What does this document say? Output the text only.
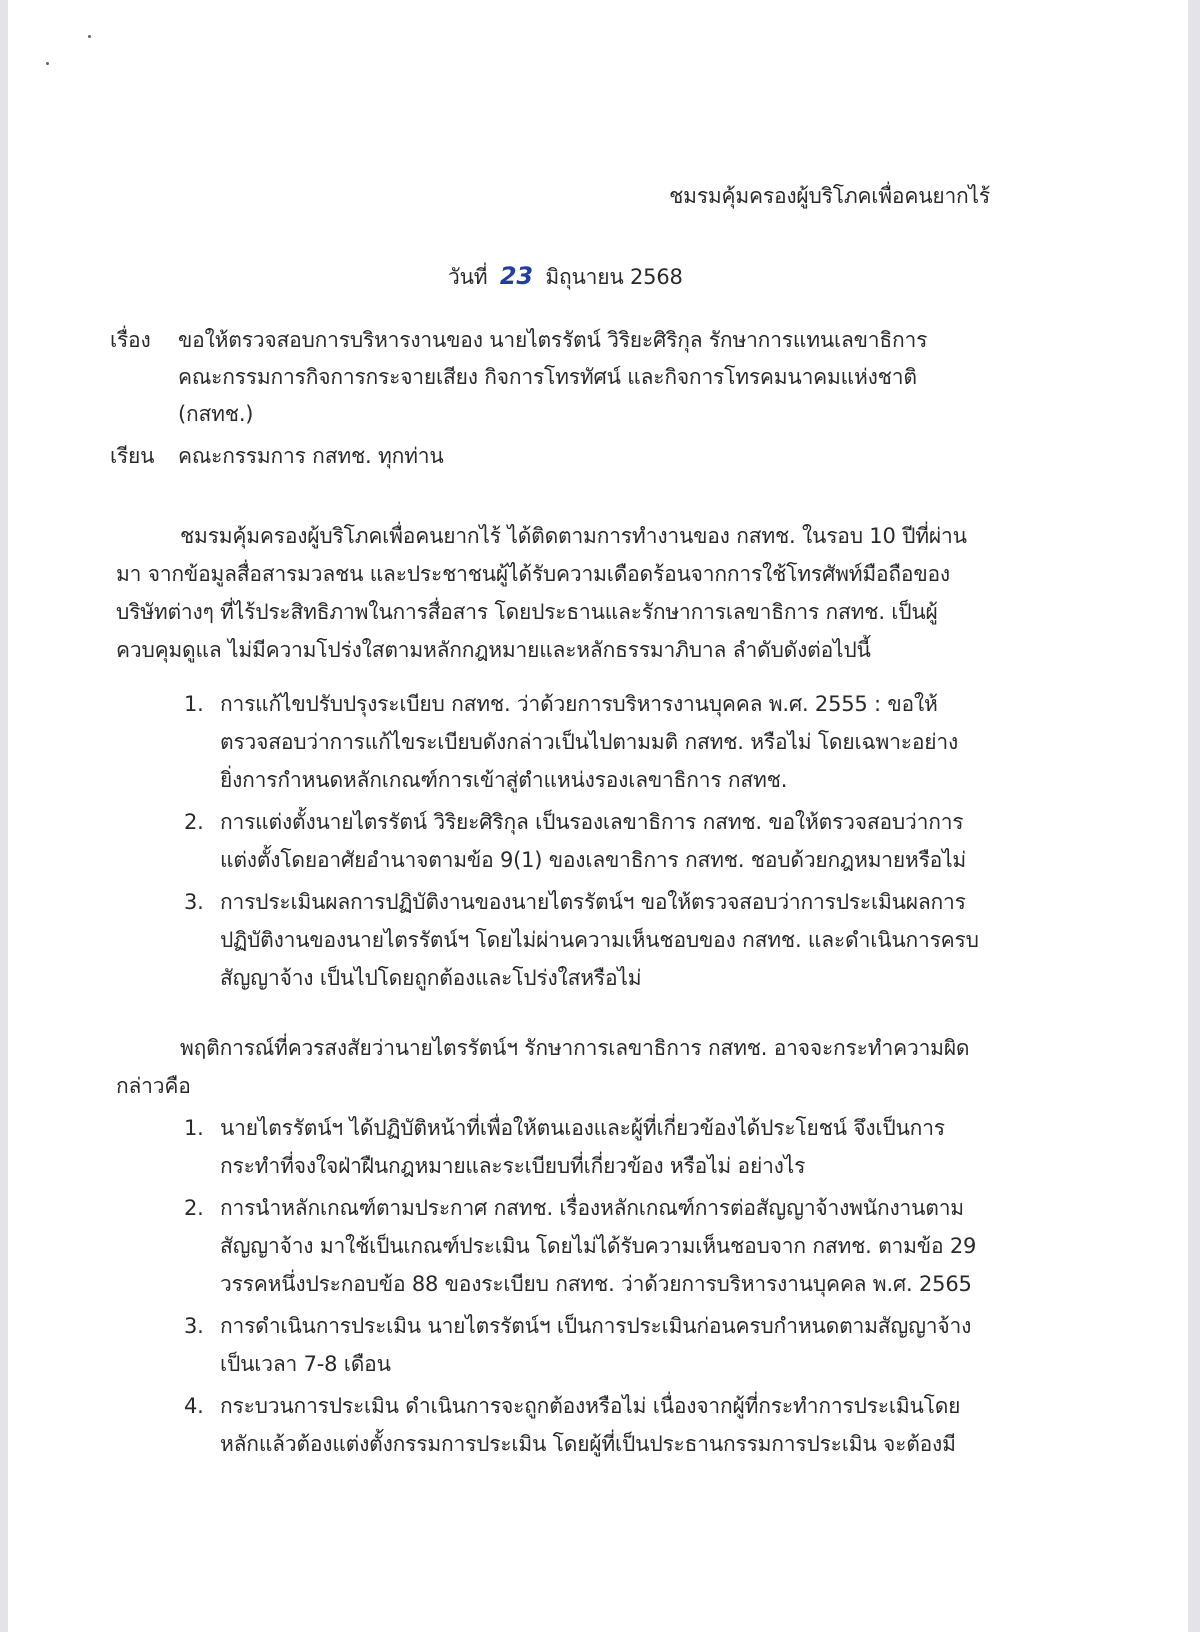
ชมรมคุ้มครองผู้บริโภคเพื่อคนยากไร้
วันที่ 23 มิถุนายน 2568
เรื่อง ขอให้ตรวจสอบการบริหารงานของ นายไตรรัตน์ วิริยะศิริกุล รักษาการแทนเลขาธิการ
คณะกรรมการกิจการกระจายเสียง กิจการโทรทัศน์ และกิจการโทรคมนาคมแห่งชาติ
(กสทช.)
เรียน คณะกรรมการ กสทช. ทุกท่าน
ชมรมคุ้มครองผู้บริโภคเพื่อคนยากไร้ ได้ติดตามการทำงานของ กสทช. ในรอบ 10 ปีที่ผ่าน
มา จากข้อมูลสื่อสารมวลชน และประชาชนผู้ได้รับความเดือดร้อนจากการใช้โทรศัพท์มือถือของ
บริษัทต่างๆ ที่ไร้ประสิทธิภาพในการสื่อสาร โดยประธานและรักษาการเลขาธิการ กสทช. เป็นผู้
ควบคุมดูแล ไม่มีความโปร่งใสตามหลักกฎหมายและหลักธรรมาภิบาล ลำดับดังต่อไปนี้
1. การแก้ไขปรับปรุงระเบียบ กสทช. ว่าด้วยการบริหารงานบุคคล พ.ศ. 2555 : ขอให้
ตรวจสอบว่าการแก้ไขระเบียบดังกล่าวเป็นไปตามมติ กสทช. หรือไม่ โดยเฉพาะอย่าง
ยิ่งการกำหนดหลักเกณฑ์การเข้าสู่ตำแหน่งรองเลขาธิการ กสทช.
2. การแต่งตั้งนายไตรรัตน์ วิริยะศิริกุล เป็นรองเลขาธิการ กสทช. ขอให้ตรวจสอบว่าการ
แต่งตั้งโดยอาศัยอำนาจตามข้อ 9(1) ของเลขาธิการ กสทช. ชอบด้วยกฎหมายหรือไม่
3. การประเมินผลการปฏิบัติงานของนายไตรรัตน์ฯ ขอให้ตรวจสอบว่าการประเมินผลการ
ปฏิบัติงานของนายไตรรัตน์ฯ โดยไม่ผ่านความเห็นชอบของ กสทช. และดำเนินการครบ
สัญญาจ้าง เป็นไปโดยถูกต้องและโปร่งใสหรือไม่
พฤติการณ์ที่ควรสงสัยว่านายไตรรัตน์ฯ รักษาการเลขาธิการ กสทช. อาจจะกระทำความผิด
กล่าวคือ
1. นายไตรรัตน์ฯ ได้ปฏิบัติหน้าที่เพื่อให้ตนเองและผู้ที่เกี่ยวข้องได้ประโยชน์ จึงเป็นการ
กระทำที่จงใจฝ่าฝืนกฎหมายและระเบียบที่เกี่ยวข้อง หรือไม่ อย่างไร
2. การนำหลักเกณฑ์ตามประกาศ กสทช. เรื่องหลักเกณฑ์การต่อสัญญาจ้างพนักงานตาม
สัญญาจ้าง มาใช้เป็นเกณฑ์ประเมิน โดยไม่ได้รับความเห็นชอบจาก กสทช. ตามข้อ 29
วรรคหนึ่งประกอบข้อ 88 ของระเบียบ กสทช. ว่าด้วยการบริหารงานบุคคล พ.ศ. 2565
3. การดำเนินการประเมิน นายไตรรัตน์ฯ เป็นการประเมินก่อนครบกำหนดตามสัญญาจ้าง
เป็นเวลา 7-8 เดือน
4. กระบวนการประเมิน ดำเนินการจะถูกต้องหรือไม่ เนื่องจากผู้ที่กระทำการประเมินโดย
หลักแล้วต้องแต่งตั้งกรรมการประเมิน โดยผู้ที่เป็นประธานกรรมการประเมิน จะต้องมี
